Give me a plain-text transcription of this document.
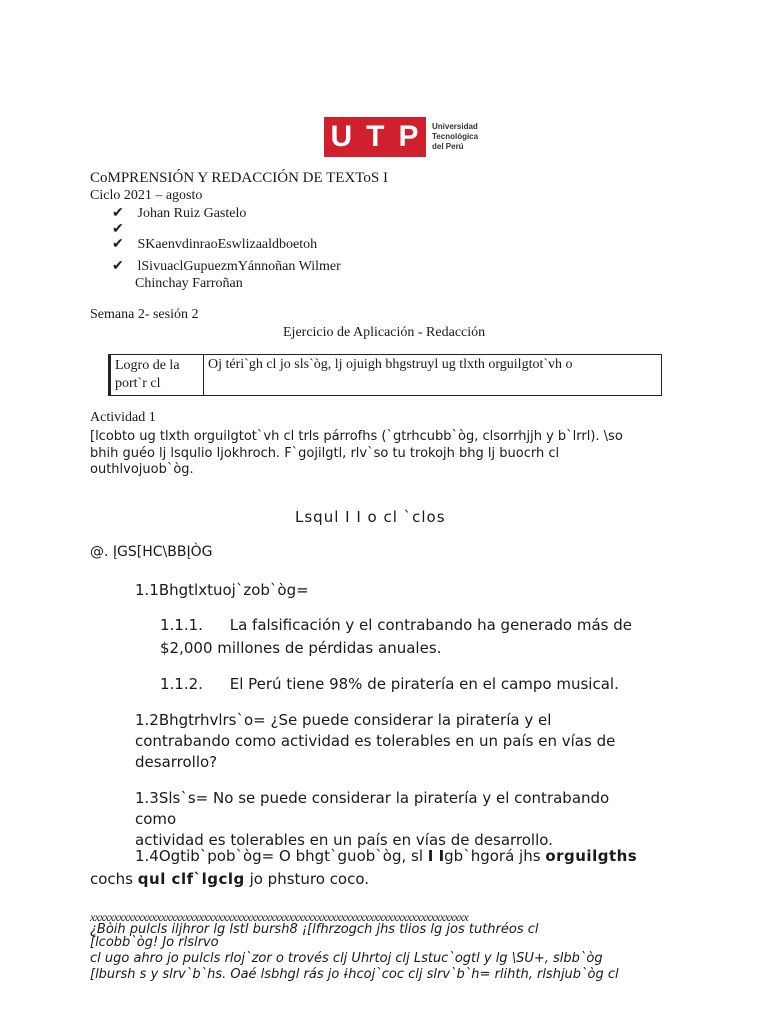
U T P Universidad
Tecnológica
del Perú
CoMPRENSIÓN Y REDACCIÓN DE TEXToS I
Ciclo 2021 – agosto
✔ Johan Ruiz Gastelo
✔
✔ SKaenvdinraoEswlizaaldboetoh
✔ lSivuaclGupuezmYánnoñan Wilmer
Chinchay Farroñan
Semana 2- sesión 2
Ejercicio de Aplicación - Redacción
Logro de la port`r cl	Oj téri`gh cl jo sls`òg, lj ojuigh bhgstruyl ug tlxth orguilgtot`vh o
Actividad 1
[lcobto ug tlxth orguilgtot`vh cl trls párrofhs (`gtrhcubb`òg, clsorrhjjh y b`lrrl). \so
bhih guéo lj lsqulio ljokhroch. F`gojilgtl, rlv`so tu trokojh bhg lj buocrh cl
outhlvojuob`òg.
Lsqul I I o cl `clos
@. ĮGS[HC\BBĮÒG
1.1Bhgtlxtuoj`zob`òg=
1.1.1. La falsificación y el contrabando ha generado más de
$2,000 millones de pérdidas anuales.
1.1.2. El Perú tiene 98% de piratería en el campo musical.
1.2Bhgtrhvlrs`o= ¿Se puede considerar la piratería y el
contrabando como actividad es tolerables en un país en vías de
desarrollo?
1.3Sls`s= No se puede considerar la piratería y el contrabando como
actividad es tolerables en un país en vías de desarrollo.
1.4Ogtib`pob`òg= O bhgt`guob`òg, sl I Igb`hgorá jhs orguilgths
cochs qul clf`lgclg jo phsturo coco.
xxxxxxxxxxxxxxxxxxxxxxxxxxxxxxxxxxxxxxxxxxxxxxxxxxxxxxxxxxxxxxxxxxxxxxxxxxxxxxxx
¿Bòih pulcls iljhror lg lstl bursh8 ¡[lfhrzogch jhs tlios lg jos tuthréos cl
[lcobb`òg! Jo rlslrvo
cl ugo ahro jo pulcls rloj`zor o trovés clj Uhrtoj clj Lstuc`ogtl y lg \SU+, slbb`òg
[lbursh s y slrv`b`hs. Oaé lsbhgl rás jo ɨhcoj`coc clj slrv`b`h= rlihth, rlshjub`òg cl
